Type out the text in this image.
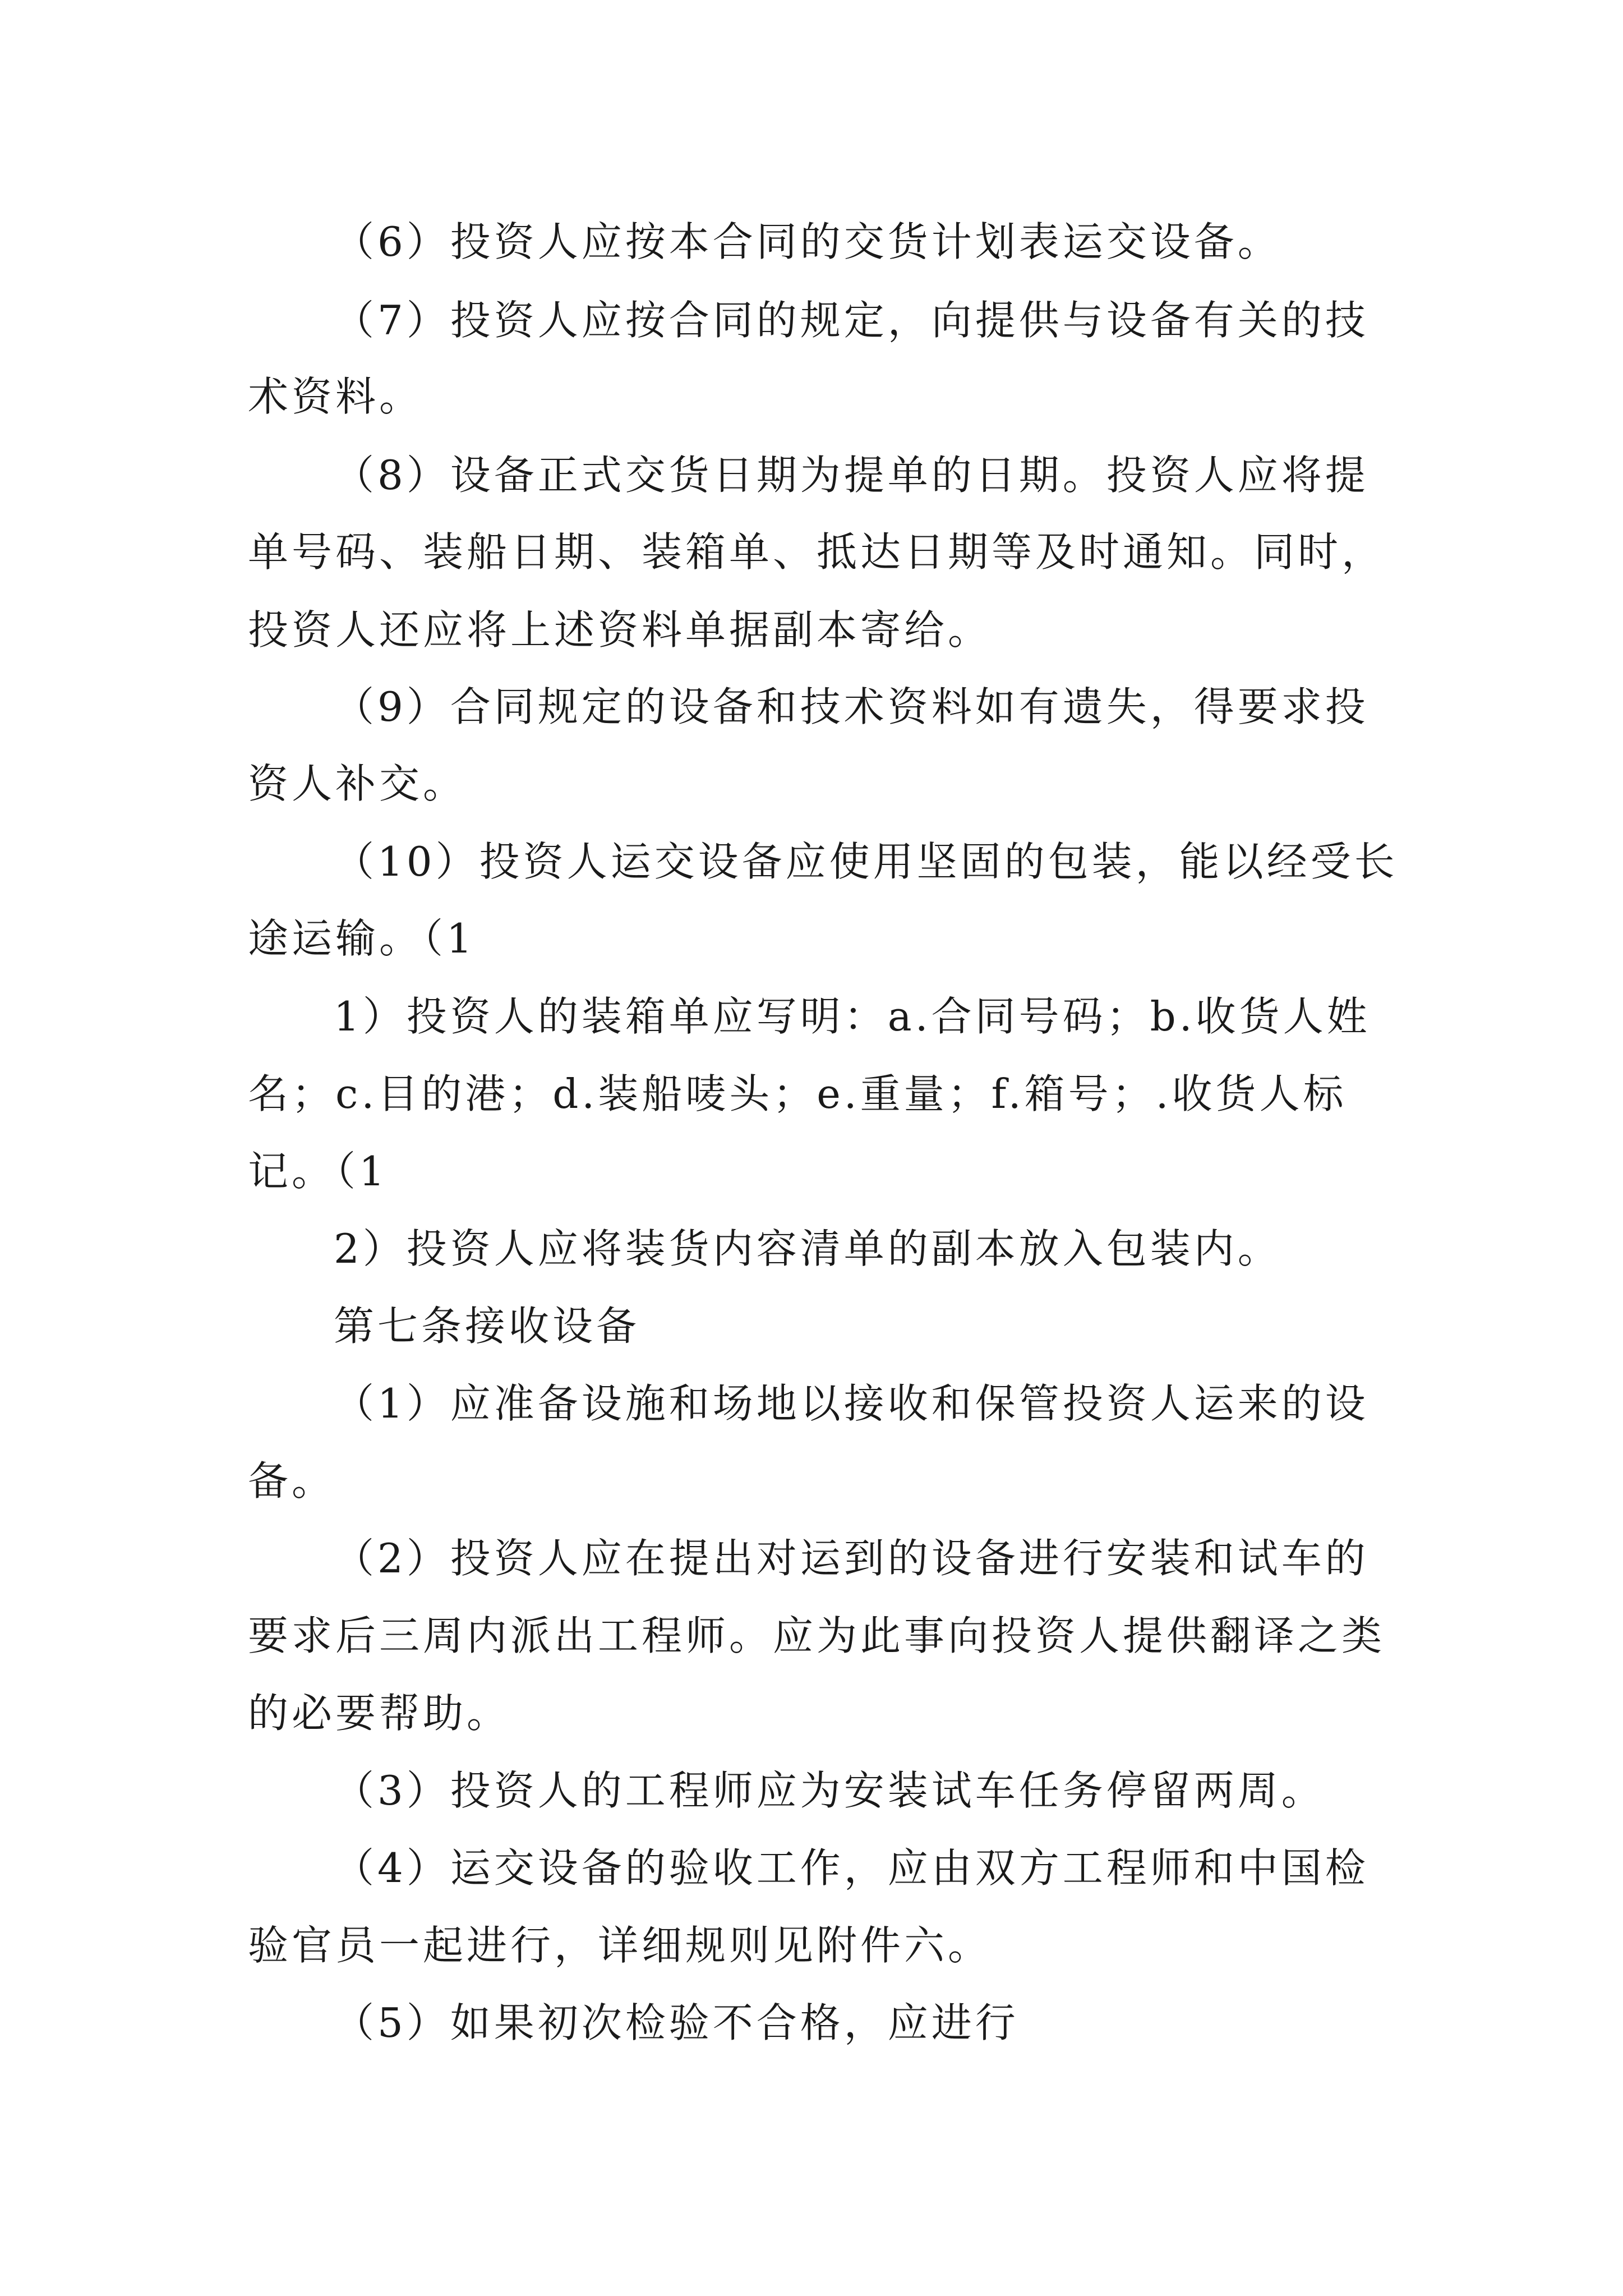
（6）投资人应按本合同的交货计划表运交设备。
（7）投资人应按合同的规定，向提供与设备有关的技
术资料。
（8）设备正式交货日期为提单的日期。投资人应将提
单号码、装船日期、装箱单、抵达日期等及时通知。同时，
投资人还应将上述资料单据副本寄给。
（9）合同规定的设备和技术资料如有遗失，得要求投
资人补交。
（10）投资人运交设备应使用坚固的包装，能以经受长
途运输。（1
1）投资人的装箱单应写明：a.合同号码；b.收货人姓
名；c.目的港；d.装船唛头；e.重量；f.箱号；.收货人标
记。（1
2）投资人应将装货内容清单的副本放入包装内。
第七条接收设备
（1）应准备设施和场地以接收和保管投资人运来的设
备。
（2）投资人应在提出对运到的设备进行安装和试车的
要求后三周内派出工程师。应为此事向投资人提供翻译之类
的必要帮助。
（3）投资人的工程师应为安装试车任务停留两周。
（4）运交设备的验收工作，应由双方工程师和中国检
验官员一起进行，详细规则见附件六。
（5）如果初次检验不合格，应进行
